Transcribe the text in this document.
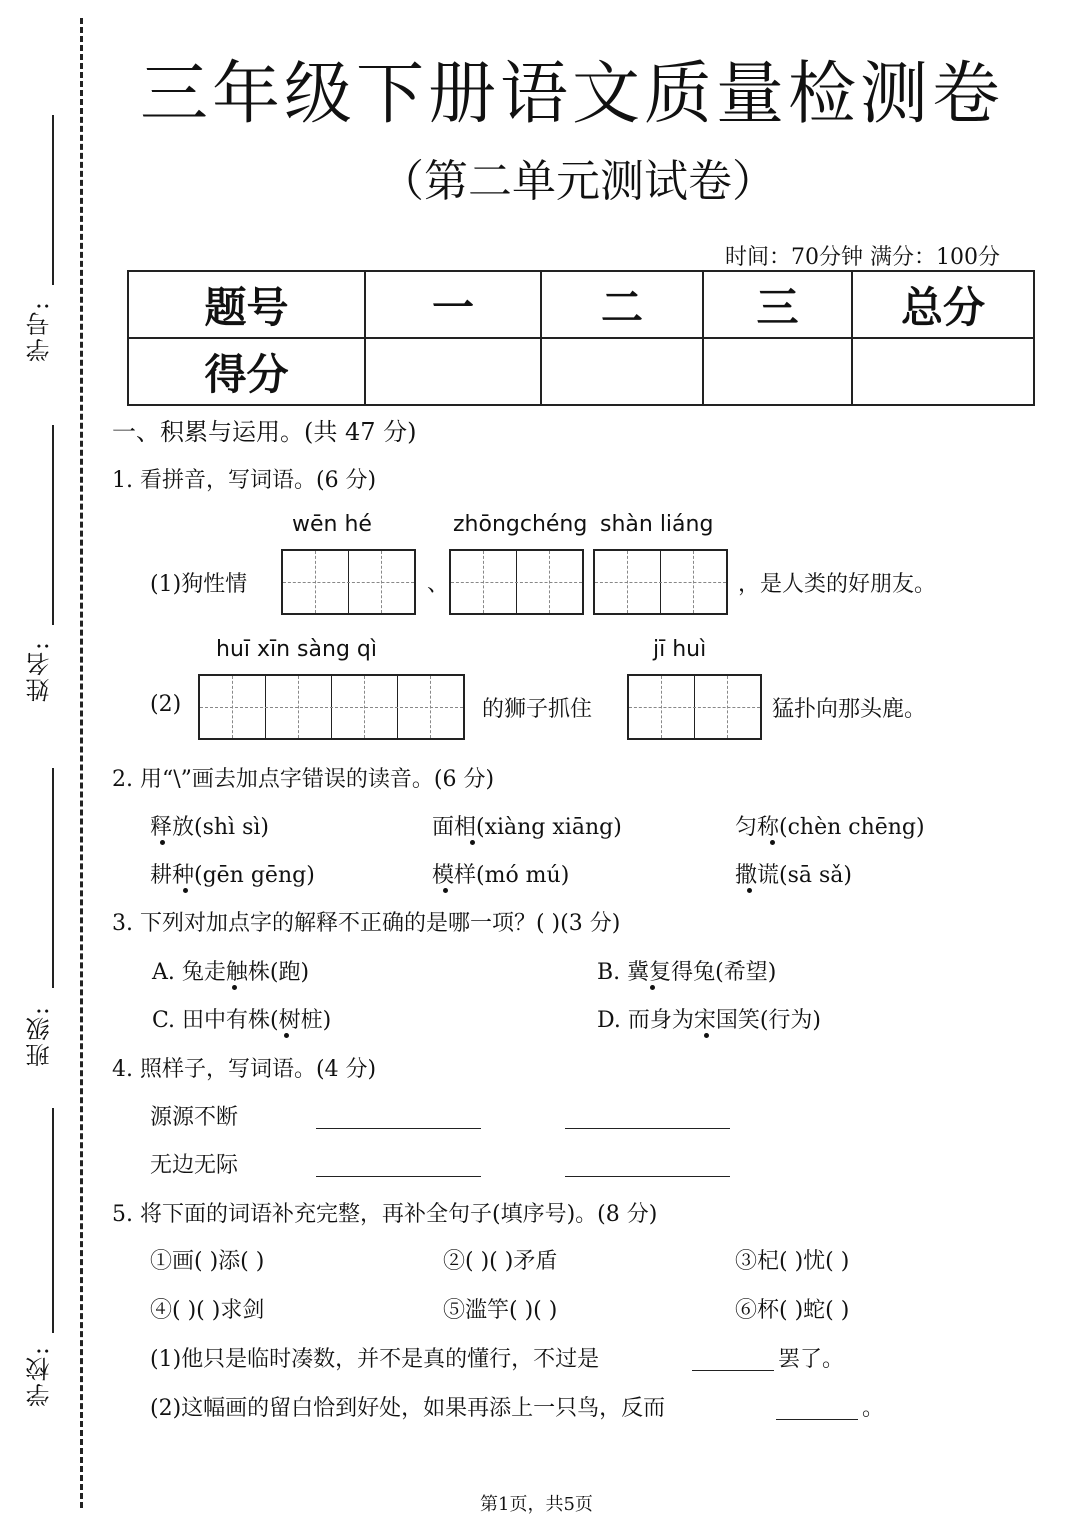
学号:
姓名:
班级:
学校:
三年级下册语文质量检测卷
（第二单元测试卷）
时间：70分钟 满分：100分
题号	一	二	三	总分
得分				
一、积累与运用。(共 47 分)
1. 看拼音，写词语。(6 分)
wēn hé	zhōngchéng shàn liáng
(1)狗性情	、	，是人类的好朋友。
huī xīn sàng qì	jī huì
(2)	的狮子抓住	猛扑向那头鹿。
2. 用“\”画去加点字错误的读音。(6 分)
释放(shì sì)	面相(xiàng xiāng)	匀称(chèn chēng)
耕种(gēn gēng)	模样(mó mú)	撒谎(sā sǎ)
3. 下列对加点字的解释不正确的是哪一项？( )(3 分)
A. 兔走触株(跑)	B. 冀复得兔(希望)
C. 田中有株(树桩)	D. 而身为宋国笑(行为)
4. 照样子，写词语。(4 分)
源源不断
无边无际
5. 将下面的词语补充完整，再补全句子(填序号)。(8 分)
①画( )添( )	②( )( )矛盾	③杞( )忧( )
④( )( )求剑	⑤滥竽( )( )	⑥杯( )蛇( )
(1)他只是临时凑数，并不是真的懂行，不过是	罢了。
(2)这幅画的留白恰到好处，如果再添上一只鸟，反而	。
第1页，共5页
